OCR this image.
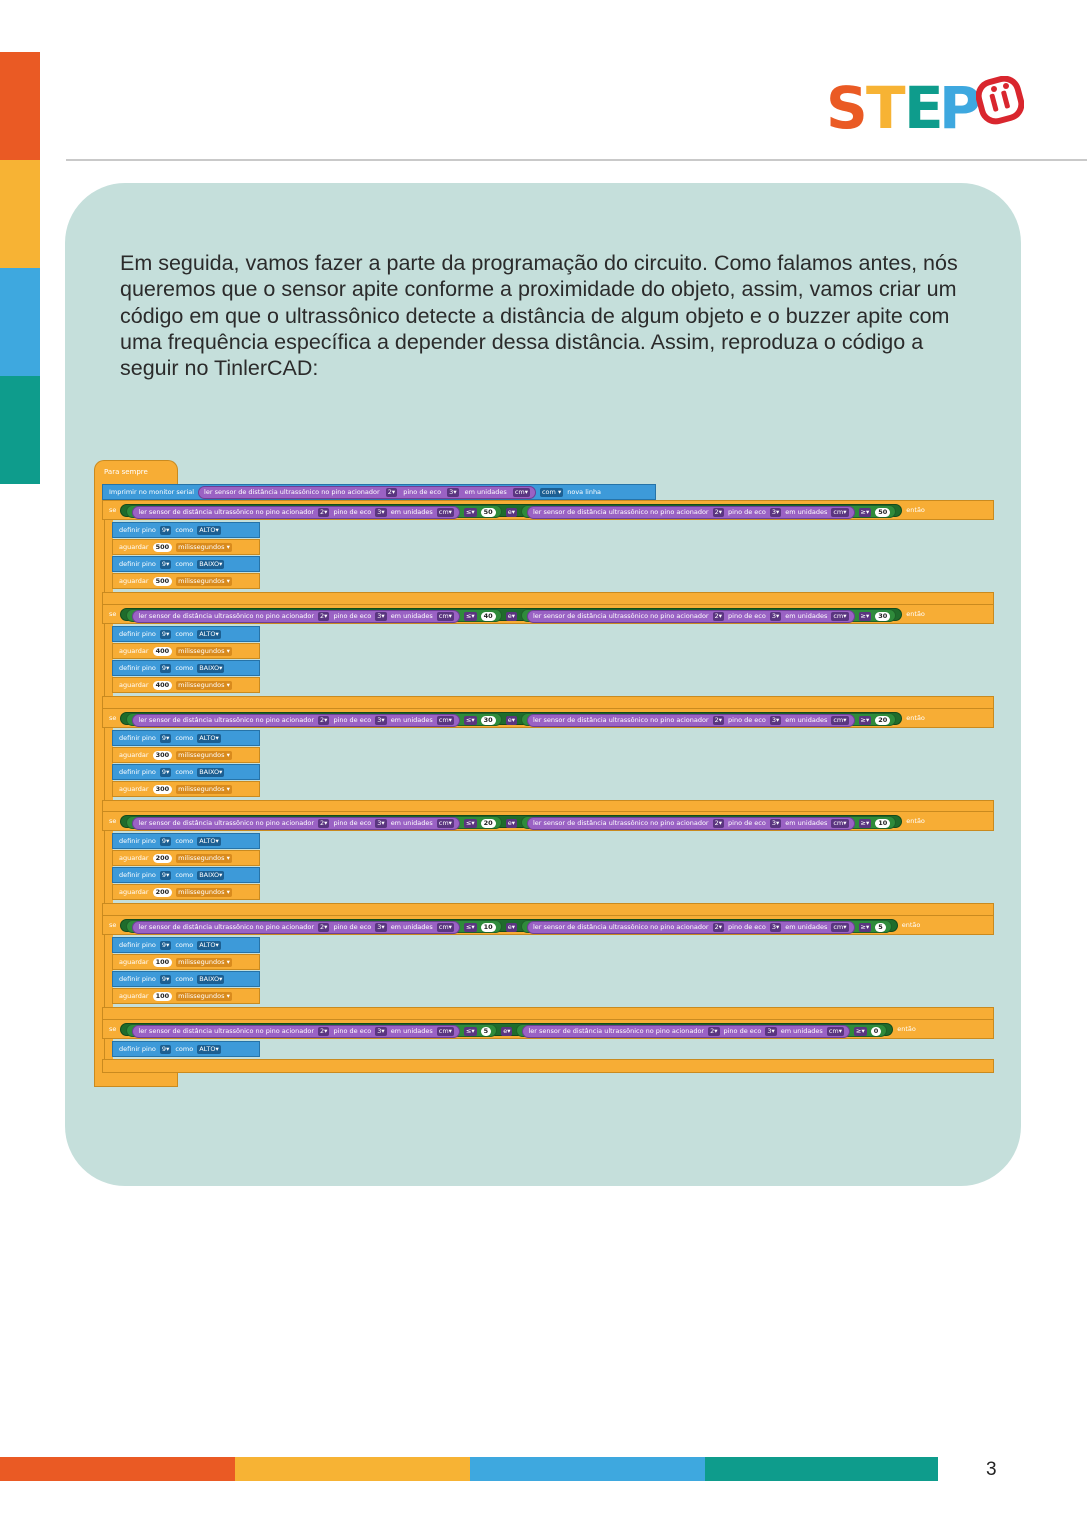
S
T
E
P

Em seguida, vamos fazer a parte da programação do circuito. Como falamos antes, nós queremos que o sensor apite conforme a proximidade do objeto, assim, vamos criar um código em que o ultrassônico detecte a distância de algum objeto e o buzzer apite com uma frequência específica a depender dessa distância. Assim, reproduza o código a seguir no TinlerCAD:

Para sempre
Imprimir no monitor serial	ler sensor de distância ultrassônico no pino acionador 2▾ pino de eco 3▾ em unidades cm▾	com ▾ nova linha
se	ler sensor de distância ultrassônico no pino acionador 2▾ pino de eco 3▾ em unidades cm▾ ≤▾ 50 e▾	ler sensor de distância ultrassônico no pino acionador 2▾ pino de eco 3▾ em unidades cm▾ ≥▾ 50	então
definir pino 9▾ como ALTO▾
aguardar	500	milissegundos ▾
definir pino 9▾ como BAIXO▾
aguardar	500	milissegundos ▾
se	ler sensor de distância ultrassônico no pino acionador 2▾ pino de eco 3▾ em unidades cm▾ ≤▾ 40 e▾	ler sensor de distância ultrassônico no pino acionador 2▾ pino de eco 3▾ em unidades cm▾ ≥▾ 30	então
definir pino 9▾ como ALTO▾
aguardar	400	milissegundos ▾
definir pino 9▾ como BAIXO▾
aguardar	400	milissegundos ▾
se	ler sensor de distância ultrassônico no pino acionador 2▾ pino de eco 3▾ em unidades cm▾ ≤▾ 30 e▾	ler sensor de distância ultrassônico no pino acionador 2▾ pino de eco 3▾ em unidades cm▾ ≥▾ 20	então
definir pino 9▾ como ALTO▾
aguardar	300	milissegundos ▾
definir pino 9▾ como BAIXO▾
aguardar	300	milissegundos ▾
se	ler sensor de distância ultrassônico no pino acionador 2▾ pino de eco 3▾ em unidades cm▾ ≤▾ 20 e▾	ler sensor de distância ultrassônico no pino acionador 2▾ pino de eco 3▾ em unidades cm▾ ≥▾ 10	então
definir pino 9▾ como ALTO▾
aguardar	200	milissegundos ▾
definir pino 9▾ como BAIXO▾
aguardar	200	milissegundos ▾
se	ler sensor de distância ultrassônico no pino acionador 2▾ pino de eco 3▾ em unidades cm▾ ≤▾ 10 e▾	ler sensor de distância ultrassônico no pino acionador 2▾ pino de eco 3▾ em unidades cm▾ ≥▾ 5	então
definir pino 9▾ como ALTO▾
aguardar	100	milissegundos ▾
definir pino 9▾ como BAIXO▾
aguardar	100	milissegundos ▾
se	ler sensor de distância ultrassônico no pino acionador 2▾ pino de eco 3▾ em unidades cm▾ ≤▾ 5 e▾	ler sensor de distância ultrassônico no pino acionador 2▾ pino de eco 3▾ em unidades cm▾ ≥▾ 0	então
definir pino 9▾ como ALTO▾
3
